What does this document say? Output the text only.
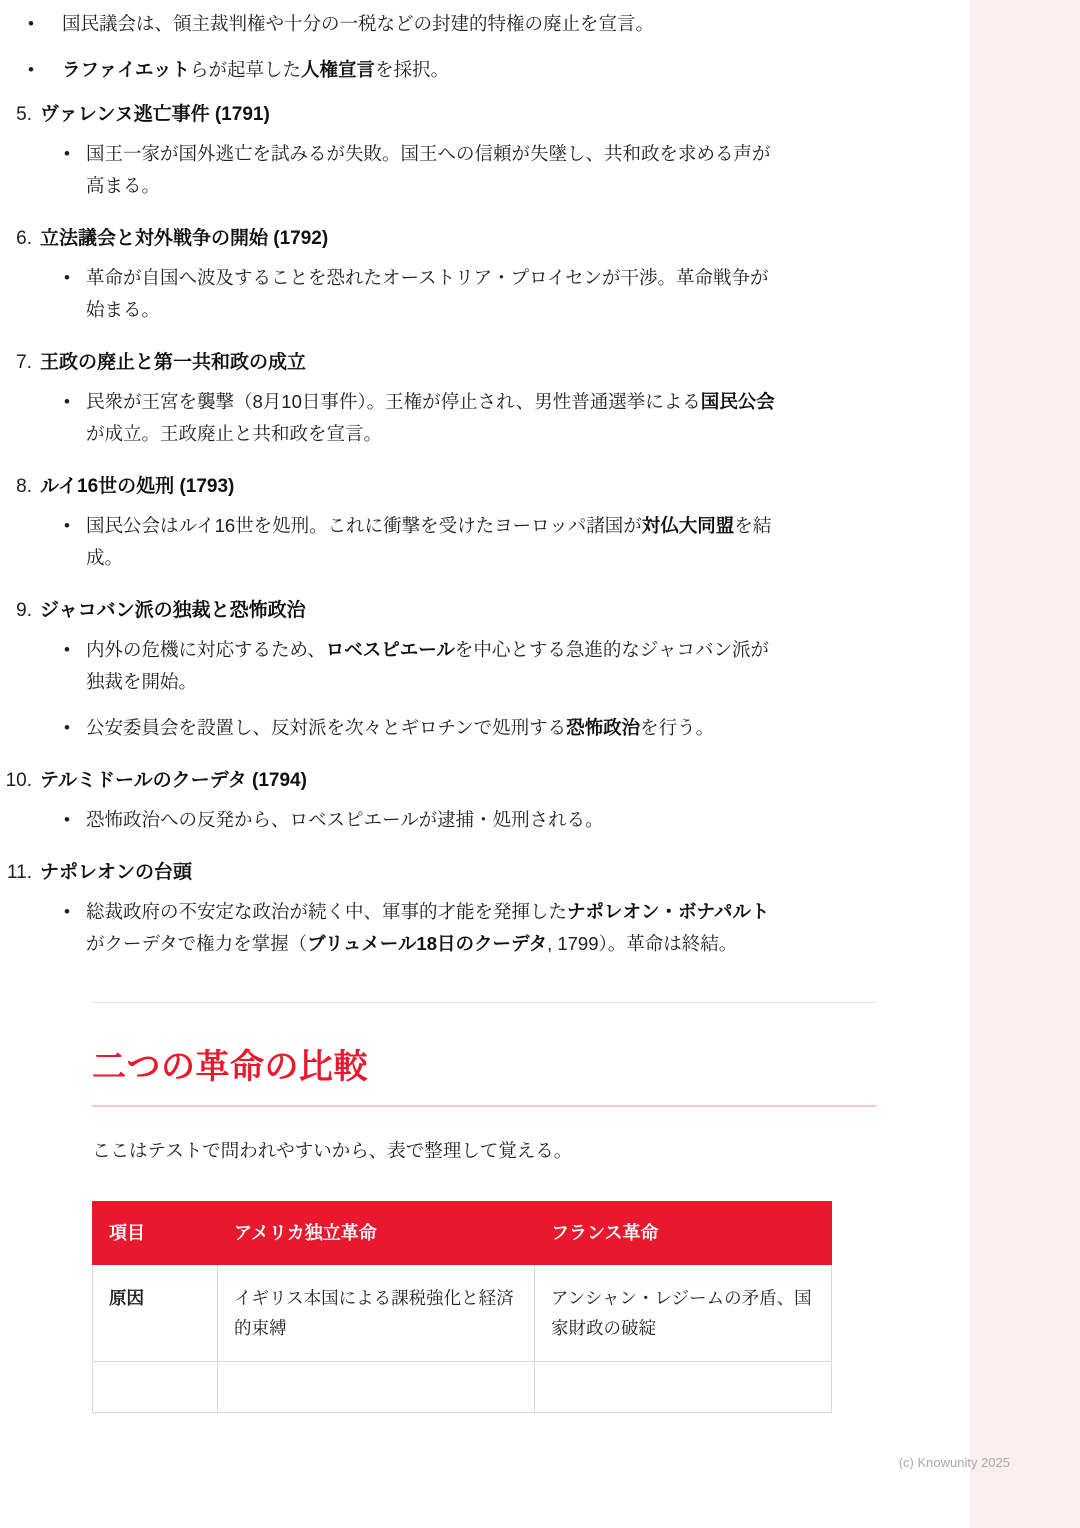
•	国民議会は、領主裁判権や十分の一税などの封建的特権の廃止を宣言。
•	ラファイエットらが起草した人権宣言を採択。
5. ヴァレンヌ逃亡事件 (1791)
• 国王一家が国外逃亡を試みるが失敗。国王への信頼が失墜し、共和政を求める声が高まる。
6. 立法議会と対外戦争の開始 (1792)
• 革命が自国へ波及することを恐れたオーストリア・プロイセンが干渉。革命戦争が始まる。
7. 王政の廃止と第一共和政の成立
• 民衆が王宮を襲撃（8月10日事件）。王権が停止され、男性普通選挙による国民公会が成立。王政廃止と共和政を宣言。
8. ルイ16世の処刑 (1793)
• 国民公会はルイ16世を処刑。これに衝撃を受けたヨーロッパ諸国が対仏大同盟を結成。
9. ジャコバン派の独裁と恐怖政治
• 内外の危機に対応するため、ロベスピエールを中心とする急進的なジャコバン派が独裁を開始。
• 公安委員会を設置し、反対派を次々とギロチンで処刑する恐怖政治を行う。
10. テルミドールのクーデタ (1794)
• 恐怖政治への反発から、ロベスピエールが逮捕・処刑される。
11. ナポレオンの台頭
• 総裁政府の不安定な政治が続く中、軍事的才能を発揮したナポレオン・ボナパルトがクーデタで権力を掌握（ブリュメール18日のクーデタ, 1799）。革命は終結。
二つの革命の比較

ここはテストで問われやすいから、表で整理して覚える。

項目	アメリカ独立革命	フランス革命
原因	イギリス本国による課税強化と経済的束縛	アンシャン・レジームの矛盾、国家財政の破綻

(c) Knowunity 2025
